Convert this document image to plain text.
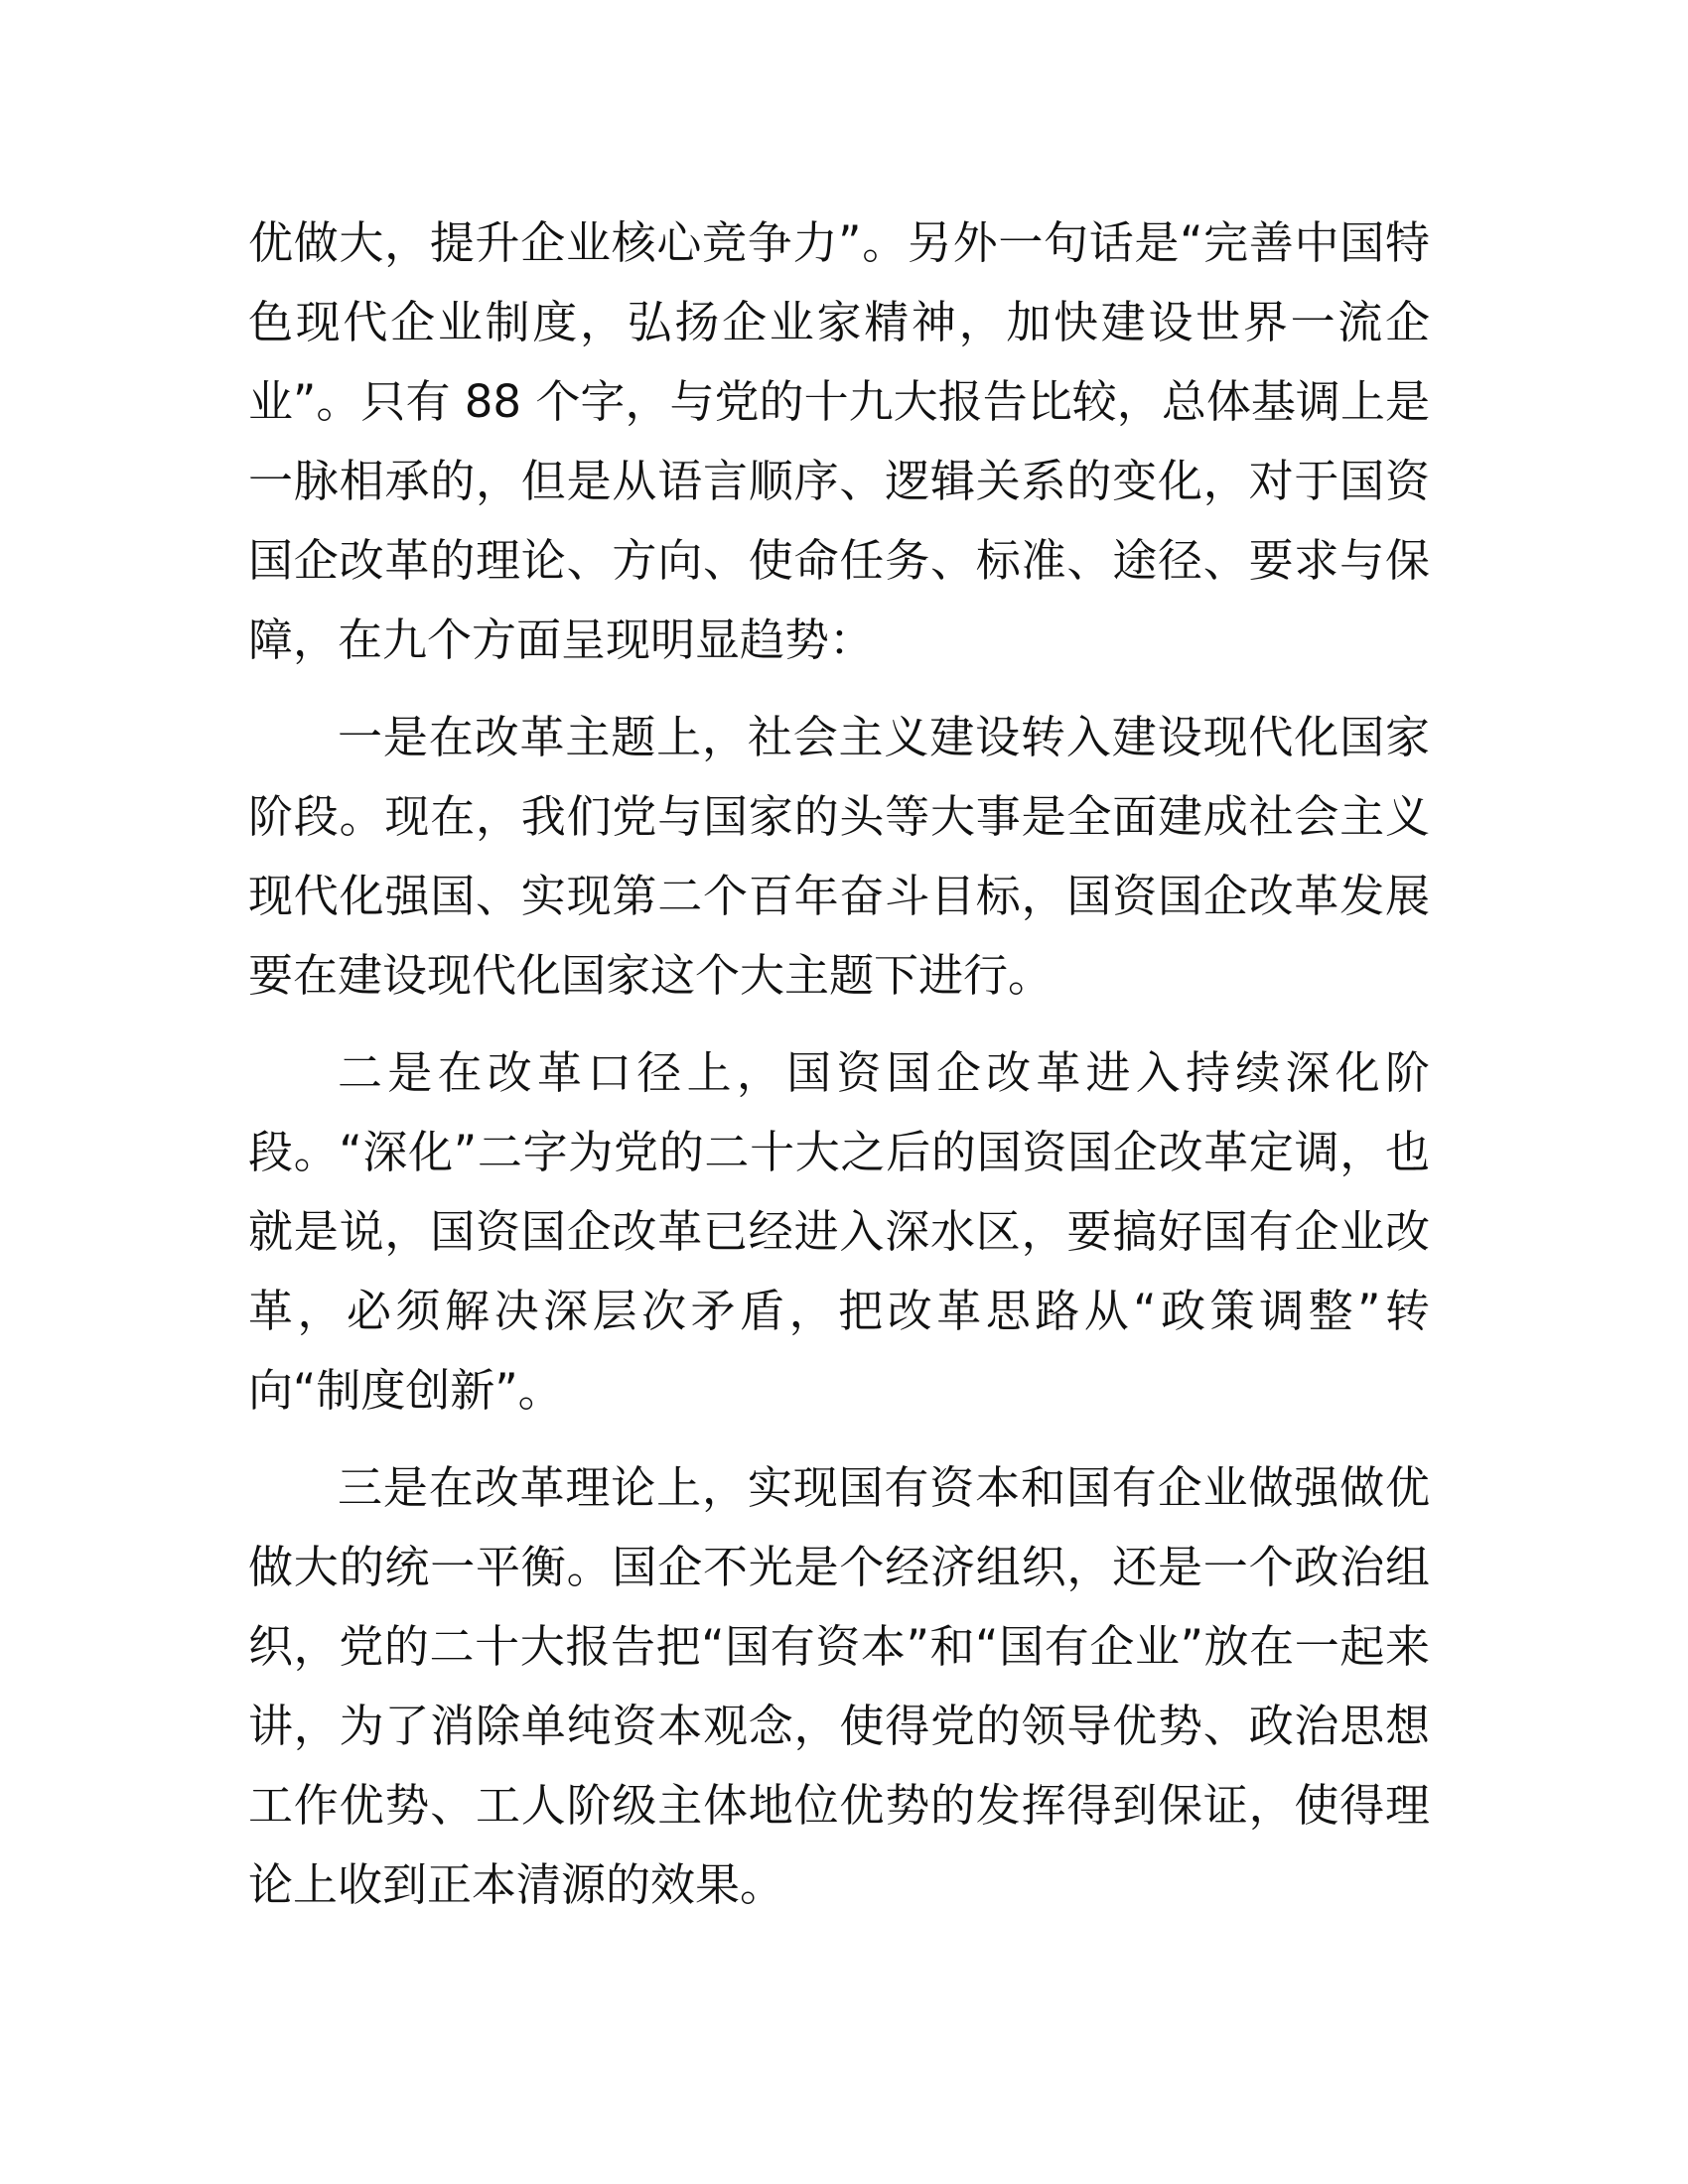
优做大，提升企业核心竞争力”。另外一句话是“完善中国特色现代企业制度，弘扬企业家精神，加快建设世界一流企业”。只有 88 个字，与党的十九大报告比较，总体基调上是一脉相承的，但是从语言顺序、逻辑关系的变化，对于国资国企改革的理论、方向、使命任务、标准、途径、要求与保障，在九个方面呈现明显趋势：

一是在改革主题上，社会主义建设转入建设现代化国家阶段。现在，我们党与国家的头等大事是全面建成社会主义现代化强国、实现第二个百年奋斗目标，国资国企改革发展要在建设现代化国家这个大主题下进行。

二是在改革口径上，国资国企改革进入持续深化阶段。“深化”二字为党的二十大之后的国资国企改革定调，也就是说，国资国企改革已经进入深水区，要搞好国有企业改革，必须解决深层次矛盾，把改革思路从“政策调整”转向“制度创新”。

三是在改革理论上，实现国有资本和国有企业做强做优做大的统一平衡。国企不光是个经济组织，还是一个政治组织，党的二十大报告把“国有资本”和“国有企业”放在一起来讲，为了消除单纯资本观念，使得党的领导优势、政治思想工作优势、工人阶级主体地位优势的发挥得到保证，使得理论上收到正本清源的效果。
